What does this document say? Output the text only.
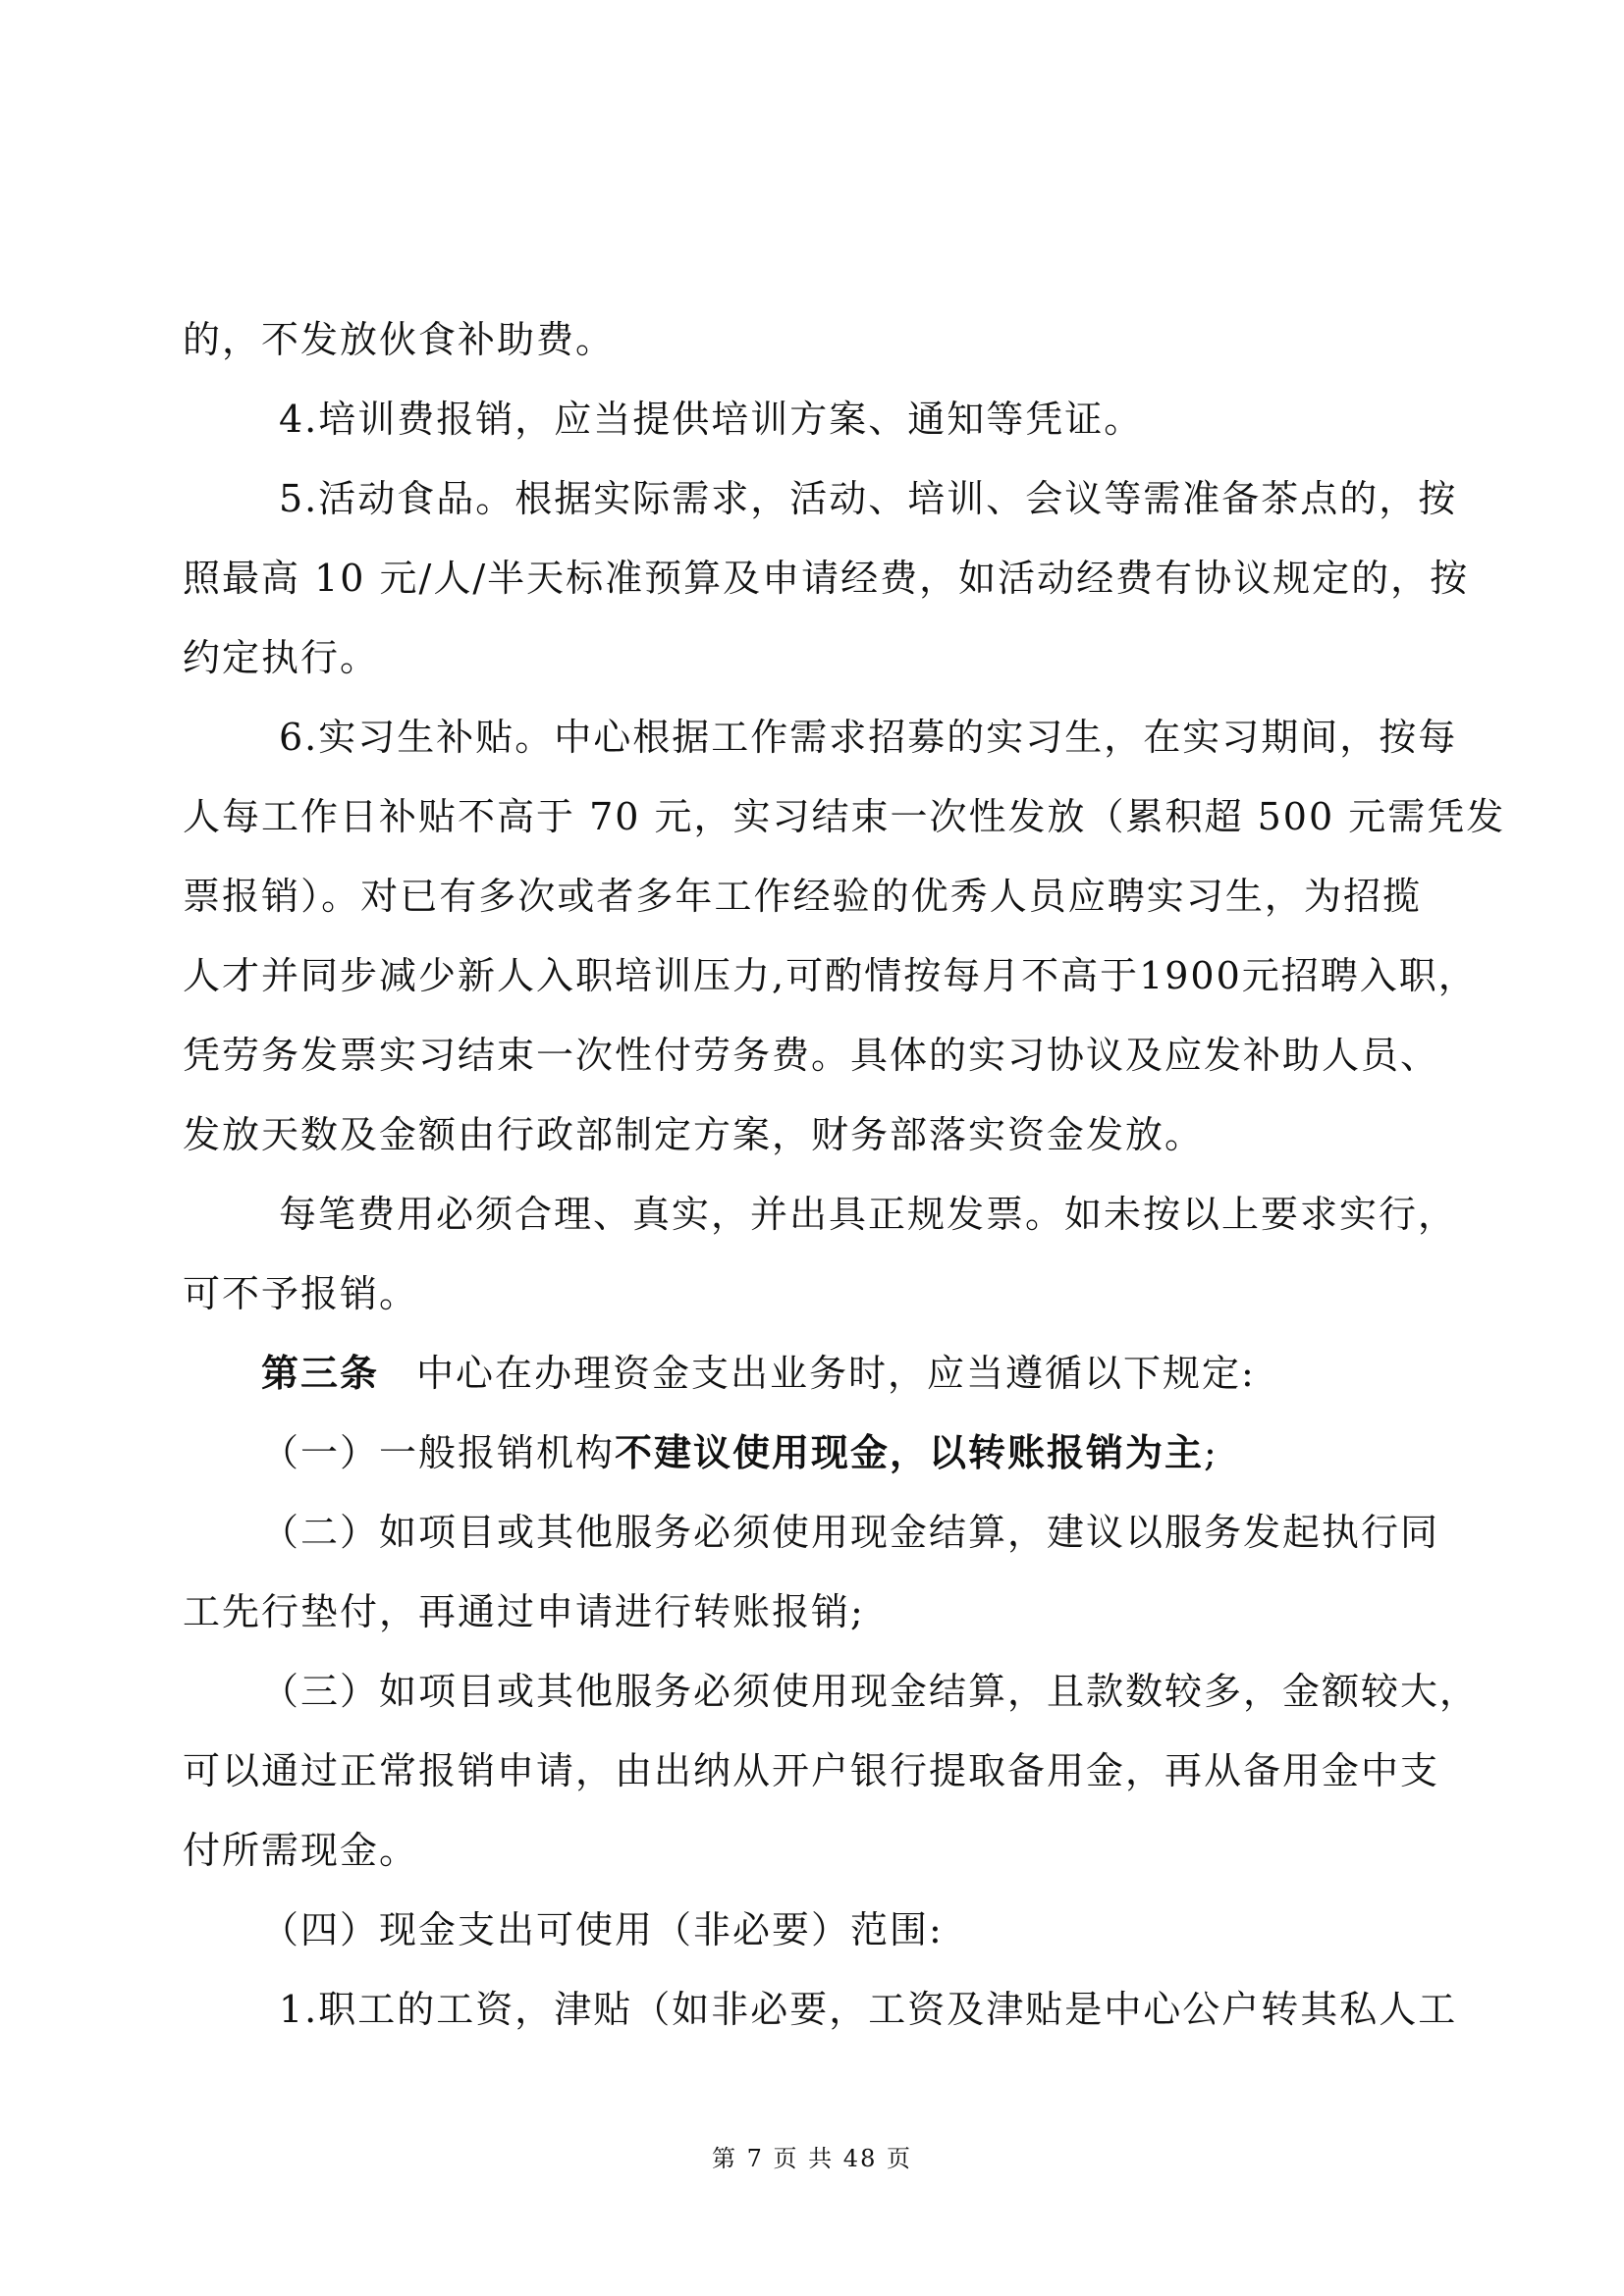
的，不发放伙食补助费。
4.培训费报销，应当提供培训方案、通知等凭证。
5.活动食品。根据实际需求，活动、培训、会议等需准备茶点的，按
照最高 10 元/人/半天标准预算及申请经费，如活动经费有协议规定的，按
约定执行。
6.实习生补贴。中心根据工作需求招募的实习生，在实习期间，按每
人每工作日补贴不高于 70 元，实习结束一次性发放（累积超 500 元需凭发
票报销）。对已有多次或者多年工作经验的优秀人员应聘实习生，为招揽
人才并同步减少新人入职培训压力,可酌情按每月不高于1900元招聘入职，
凭劳务发票实习结束一次性付劳务费。具体的实习协议及应发补助人员、
发放天数及金额由行政部制定方案，财务部落实资金发放。
每笔费用必须合理、真实，并出具正规发票。如未按以上要求实行，
可不予报销。
第三条 中心在办理资金支出业务时，应当遵循以下规定:
（一）一般报销机构不建议使用现金，以转账报销为主;
（二）如项目或其他服务必须使用现金结算，建议以服务发起执行同
工先行垫付，再通过申请进行转账报销;
（三）如项目或其他服务必须使用现金结算，且款数较多，金额较大，
可以通过正常报销申请，由出纳从开户银行提取备用金，再从备用金中支
付所需现金。
（四）现金支出可使用（非必要）范围:
1.职工的工资，津贴（如非必要，工资及津贴是中心公户转其私人工
第 7 页 共 48 页
